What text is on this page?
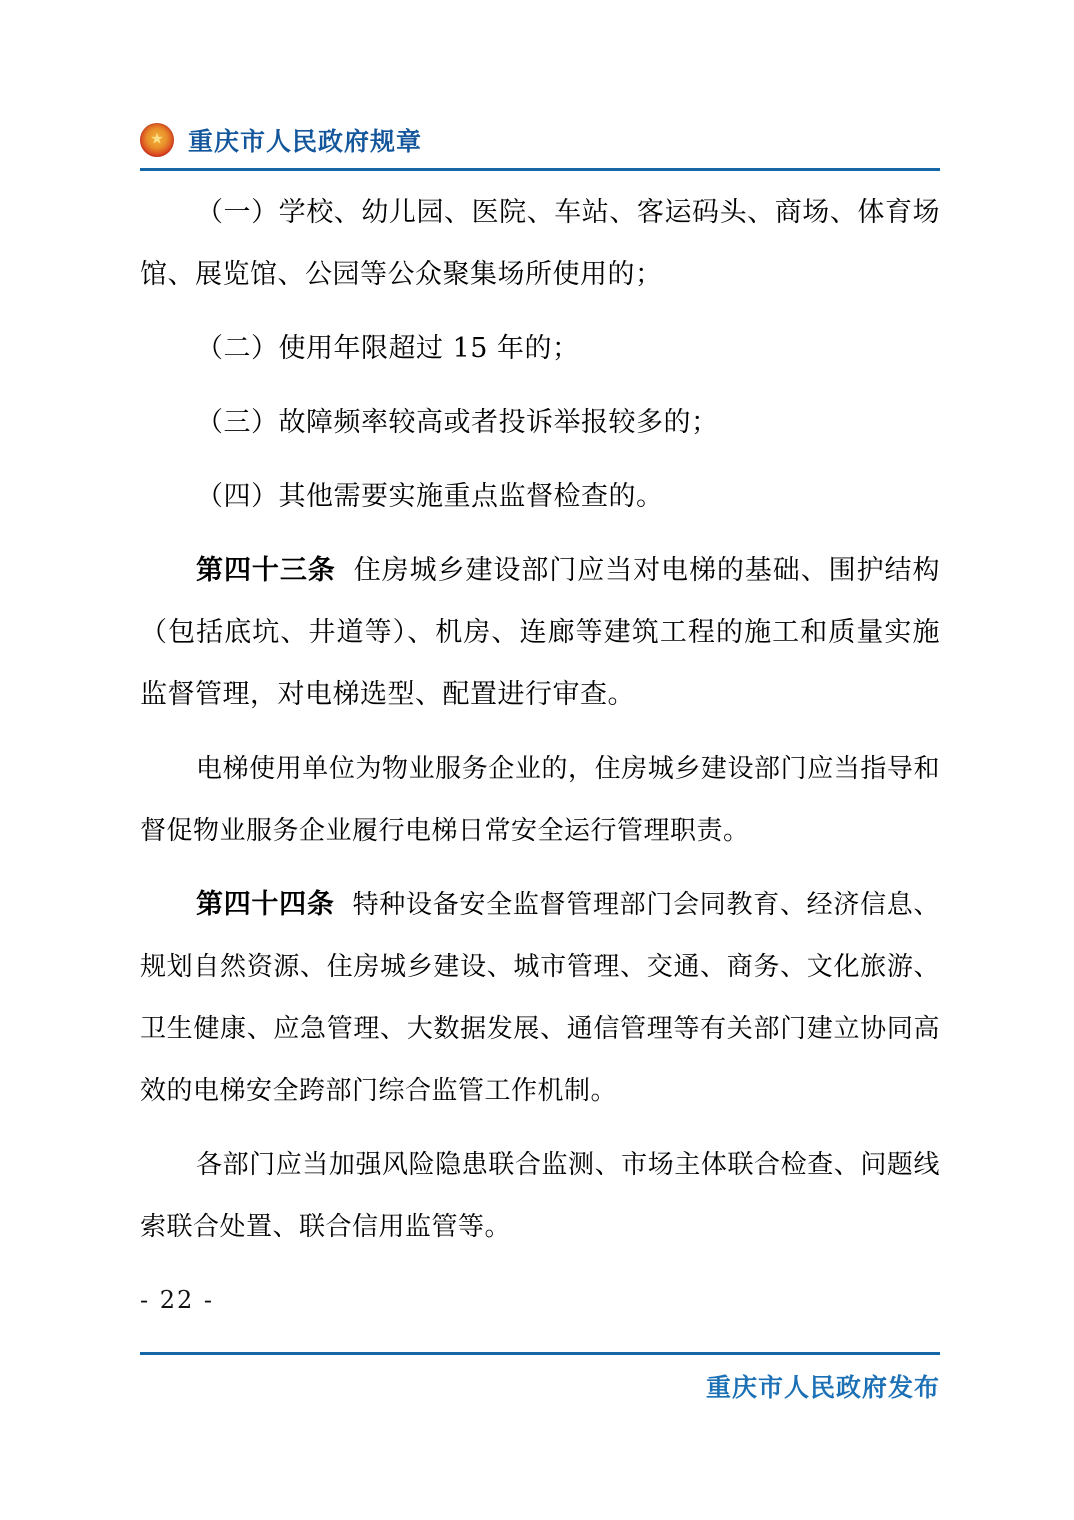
★
重庆市人民政府规章

（一）学校、幼儿园、医院、车站、客运码头、商场、体育场馆、展览馆、公园等公众聚集场所使用的；

（二）使用年限超过 15 年的；

（三）故障频率较高或者投诉举报较多的；

（四）其他需要实施重点监督检查的。

第四十三条 住房城乡建设部门应当对电梯的基础、围护结构（包括底坑、井道等）、机房、连廊等建筑工程的施工和质量实施监督管理，对电梯选型、配置进行审查。

电梯使用单位为物业服务企业的，住房城乡建设部门应当指导和督促物业服务企业履行电梯日常安全运行管理职责。

第四十四条 特种设备安全监督管理部门会同教育、经济信息、规划自然资源、住房城乡建设、城市管理、交通、商务、文化旅游、卫生健康、应急管理、大数据发展、通信管理等有关部门建立协同高效的电梯安全跨部门综合监管工作机制。

各部门应当加强风险隐患联合监测、市场主体联合检查、问题线索联合处置、联合信用监管等。

- 22 -
重庆市人民政府发布
